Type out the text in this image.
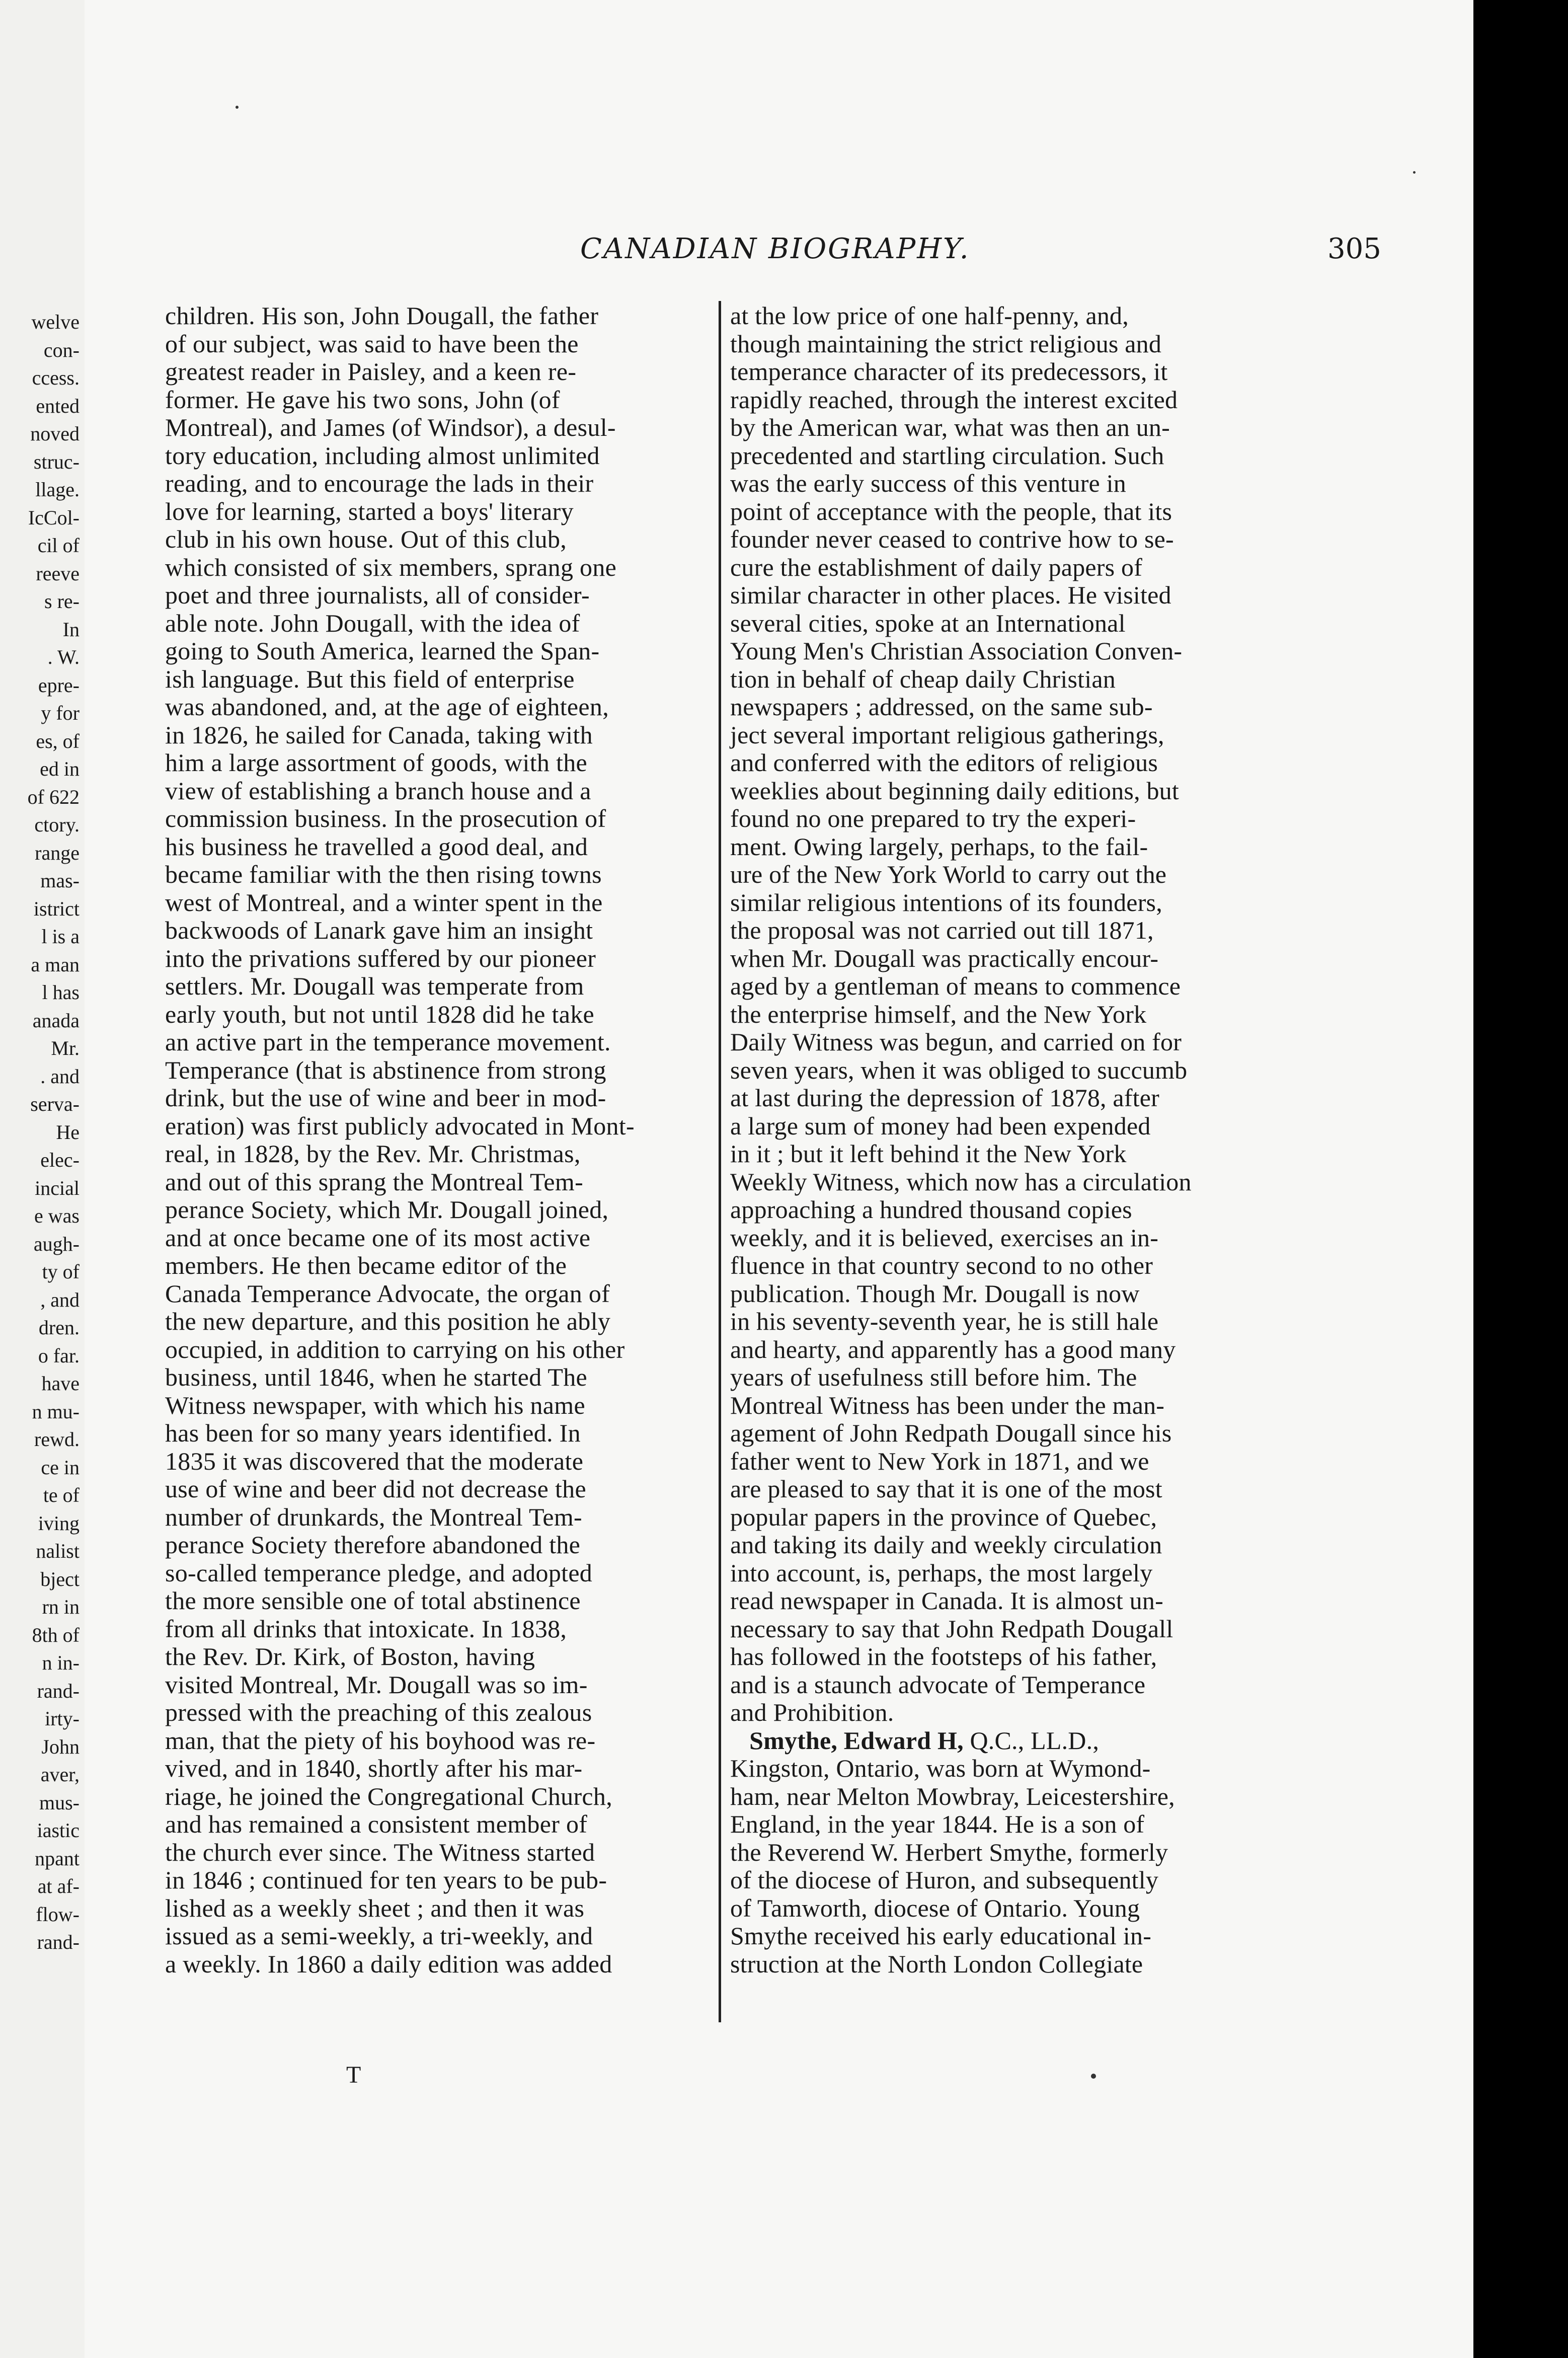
welve
con-
ccess.
ented
noved
struc-
llage.
IcCol-
cil of
reeve
s re-
In
. W.
epre-
y for
es, of
ed in
of 622
ctory.
range
mas-
istrict
l is a
a man
l has
anada
Mr.
. and
serva-
He
elec-
incial
e was
augh-
ty of
, and
dren.
o far.
have
n mu-
rewd.
ce in
te of
iving
nalist
bject
rn in
8th of
n in-
rand-
irty-
John
aver,
mus-
iastic
npant
at af-
flow-
rand-
CANADIAN BIOGRAPHY.	305
children. His son, John Dougall, the father
of our subject, was said to have been the
greatest reader in Paisley, and a keen re-
former. He gave his two sons, John (of
Montreal), and James (of Windsor), a desul-
tory education, including almost unlimited
reading, and to encourage the lads in their
love for learning, started a boys' literary
club in his own house. Out of this club,
which consisted of six members, sprang one
poet and three journalists, all of consider-
able note. John Dougall, with the idea of
going to South America, learned the Span-
ish language. But this field of enterprise
was abandoned, and, at the age of eighteen,
in 1826, he sailed for Canada, taking with
him a large assortment of goods, with the
view of establishing a branch house and a
commission business. In the prosecution of
his business he travelled a good deal, and
became familiar with the then rising towns
west of Montreal, and a winter spent in the
backwoods of Lanark gave him an insight
into the privations suffered by our pioneer
settlers. Mr. Dougall was temperate from
early youth, but not until 1828 did he take
an active part in the temperance movement.
Temperance (that is abstinence from strong
drink, but the use of wine and beer in mod-
eration) was first publicly advocated in Mont-
real, in 1828, by the Rev. Mr. Christmas,
and out of this sprang the Montreal Tem-
perance Society, which Mr. Dougall joined,
and at once became one of its most active
members. He then became editor of the
Canada Temperance Advocate, the organ of
the new departure, and this position he ably
occupied, in addition to carrying on his other
business, until 1846, when he started The
Witness newspaper, with which his name
has been for so many years identified. In
1835 it was discovered that the moderate
use of wine and beer did not decrease the
number of drunkards, the Montreal Tem-
perance Society therefore abandoned the
so-called temperance pledge, and adopted
the more sensible one of total abstinence
from all drinks that intoxicate. In 1838,
the Rev. Dr. Kirk, of Boston, having
visited Montreal, Mr. Dougall was so im-
pressed with the preaching of this zealous
man, that the piety of his boyhood was re-
vived, and in 1840, shortly after his mar-
riage, he joined the Congregational Church,
and has remained a consistent member of
the church ever since. The Witness started
in 1846 ; continued for ten years to be pub-
lished as a weekly sheet ; and then it was
issued as a semi-weekly, a tri-weekly, and
a weekly. In 1860 a daily edition was added
at the low price of one half-penny, and,
though maintaining the strict religious and
temperance character of its predecessors, it
rapidly reached, through the interest excited
by the American war, what was then an un-
precedented and startling circulation. Such
was the early success of this venture in
point of acceptance with the people, that its
founder never ceased to contrive how to se-
cure the establishment of daily papers of
similar character in other places. He visited
several cities, spoke at an International
Young Men's Christian Association Conven-
tion in behalf of cheap daily Christian
newspapers ; addressed, on the same sub-
ject several important religious gatherings,
and conferred with the editors of religious
weeklies about beginning daily editions, but
found no one prepared to try the experi-
ment. Owing largely, perhaps, to the fail-
ure of the New York World to carry out the
similar religious intentions of its founders,
the proposal was not carried out till 1871,
when Mr. Dougall was practically encour-
aged by a gentleman of means to commence
the enterprise himself, and the New York
Daily Witness was begun, and carried on for
seven years, when it was obliged to succumb
at last during the depression of 1878, after
a large sum of money had been expended
in it ; but it left behind it the New York
Weekly Witness, which now has a circulation
approaching a hundred thousand copies
weekly, and it is believed, exercises an in-
fluence in that country second to no other
publication. Though Mr. Dougall is now
in his seventy-seventh year, he is still hale
and hearty, and apparently has a good many
years of usefulness still before him. The
Montreal Witness has been under the man-
agement of John Redpath Dougall since his
father went to New York in 1871, and we
are pleased to say that it is one of the most
popular papers in the province of Quebec,
and taking its daily and weekly circulation
into account, is, perhaps, the most largely
read newspaper in Canada. It is almost un-
necessary to say that John Redpath Dougall
has followed in the footsteps of his father,
and is a staunch advocate of Temperance
and Prohibition.
Smythe, Edward H, Q.C., LL.D.,
Kingston, Ontario, was born at Wymond-
ham, near Melton Mowbray, Leicestershire,
England, in the year 1844. He is a son of
the Reverend W. Herbert Smythe, formerly
of the diocese of Huron, and subsequently
of Tamworth, diocese of Ontario. Young
Smythe received his early educational in-
struction at the North London Collegiate
T
